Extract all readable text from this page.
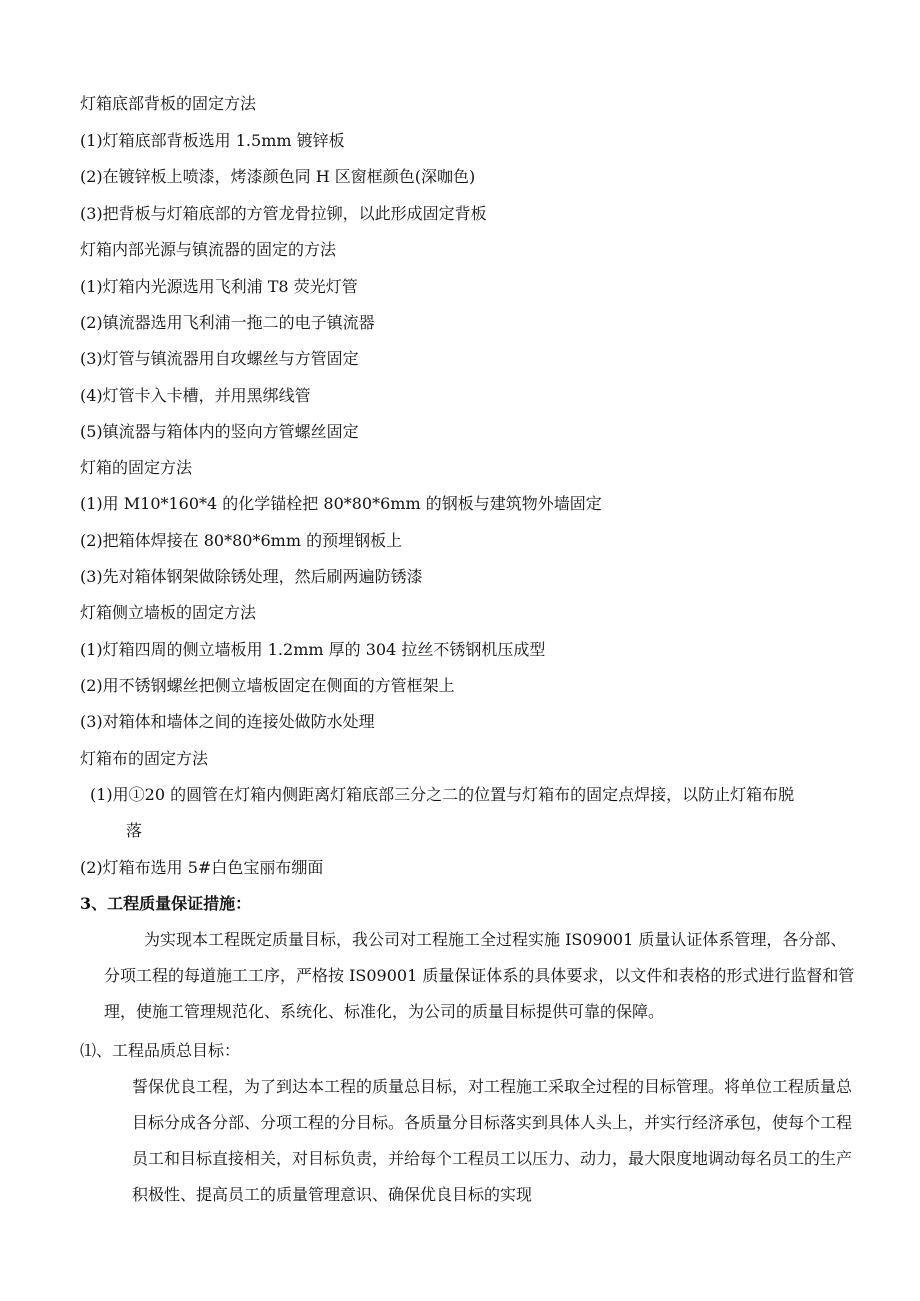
灯箱底部背板的固定方法
(1)灯箱底部背板选用 1.5mm 镀锌板
(2)在镀锌板上喷漆，烤漆颜色同 H 区窗框颜色(深咖色)
(3)把背板与灯箱底部的方管龙骨拉铆，以此形成固定背板
灯箱内部光源与镇流器的固定的方法
(1)灯箱内光源选用飞利浦 T8 荧光灯管
(2)镇流器选用飞利浦一拖二的电子镇流器
(3)灯管与镇流器用自攻螺丝与方管固定
(4)灯管卡入卡槽，并用黑绑线管
(5)镇流器与箱体内的竖向方管螺丝固定
灯箱的固定方法
(1)用 M10*160*4 的化学锚栓把 80*80*6mm 的钢板与建筑物外墙固定
(2)把箱体焊接在 80*80*6mm 的预埋钢板上
(3)先对箱体钢架做除锈处理，然后刷两遍防锈漆
灯箱侧立墙板的固定方法
(1)灯箱四周的侧立墙板用 1.2mm 厚的 304 拉丝不锈钢机压成型
(2)用不锈钢螺丝把侧立墙板固定在侧面的方管框架上
(3)对箱体和墙体之间的连接处做防水处理
灯箱布的固定方法
(1)用①20 的圆管在灯箱内侧距离灯箱底部三分之二的位置与灯箱布的固定点焊接，以防止灯箱布脱
落
(2)灯箱布选用 5#白色宝丽布绷面
3、工程质量保证措施：
为实现本工程既定质量目标，我公司对工程施工全过程实施 IS09001 质量认证体系管理，各分部、分项工程的每道施工工序，严格按 IS09001 质量保证体系的具体要求，以文件和表格的形式进行监督和管理，使施工管理规范化、系统化、标准化，为公司的质量目标提供可靠的保障。
⑴、工程品质总目标：
誓保优良工程，为了到达本工程的质量总目标，对工程施工采取全过程的目标管理。将单位工程质量总目标分成各分部、分项工程的分目标。各质量分目标落实到具体人头上，并实行经济承包，使每个工程员工和目标直接相关，对目标负责，并给每个工程员工以压力、动力，最大限度地调动每名员工的生产积极性、提高员工的质量管理意识、确保优良目标的实现
